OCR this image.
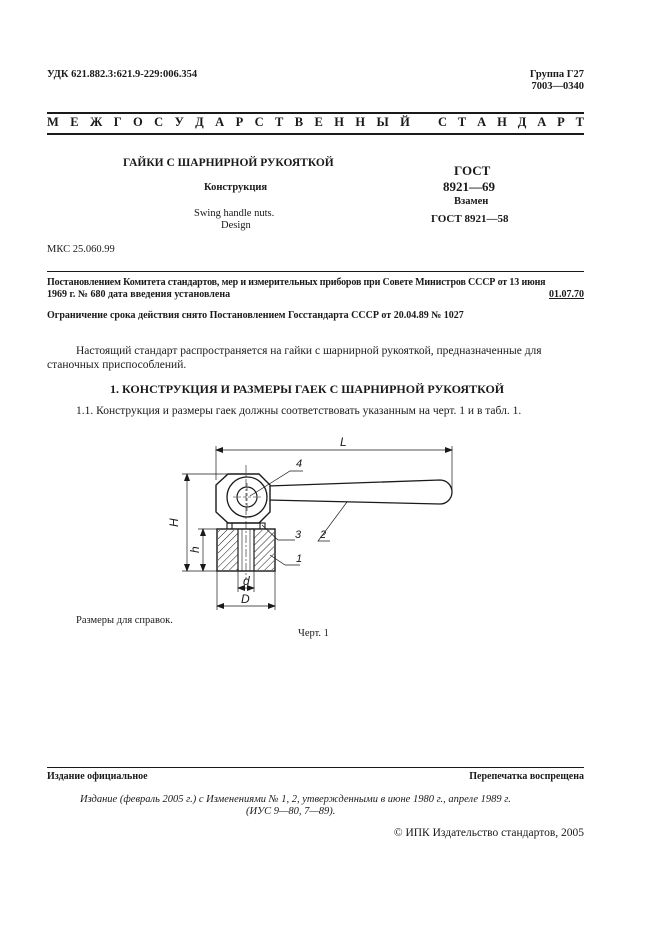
УДК 621.882.3:621.9-229:006.354	Группа Г27
7003—0340
М Е Ж Г О С У Д А Р С Т В Е Н Н Ы Й С Т А Н Д А Р Т
ГАЙКИ С ШАРНИРНОЙ РУКОЯТКОЙ
Конструкция
Swing handle nuts.
Design
ГОСТ
8921—69
Взамен
ГОСТ 8921—58
МКС 25.060.99
Постановлением Комитета стандартов, мер и измерительных приборов при Совете Министров СССР от 13 июня
1969 г. № 680 дата введения установлена	01.07.70
Ограничение срока действия снято Постановлением Госстандарта СССР от 20.04.89 № 1027
Настоящий стандарт распространяется на гайки с шарнирной рукояткой, предназначенные для
станочных приспособлений.
1. КОНСТРУКЦИЯ И РАЗМЕРЫ ГАЕК С ШАРНИРНОЙ РУКОЯТКОЙ
1.1. Конструкция и размеры гаек должны соответствовать указанным на черт. 1 и в табл. 1.
L
H
h
d
D
4
2
3
1
Размеры для справок.
Черт. 1
Издание официальное	Перепечатка воспрещена
Издание (февраль 2005 г.) с Изменениями № 1, 2, утвержденными в июне 1980 г., апреле 1989 г.
(ИУС 9—80, 7—89).
© ИПК Издательство стандартов, 2005
